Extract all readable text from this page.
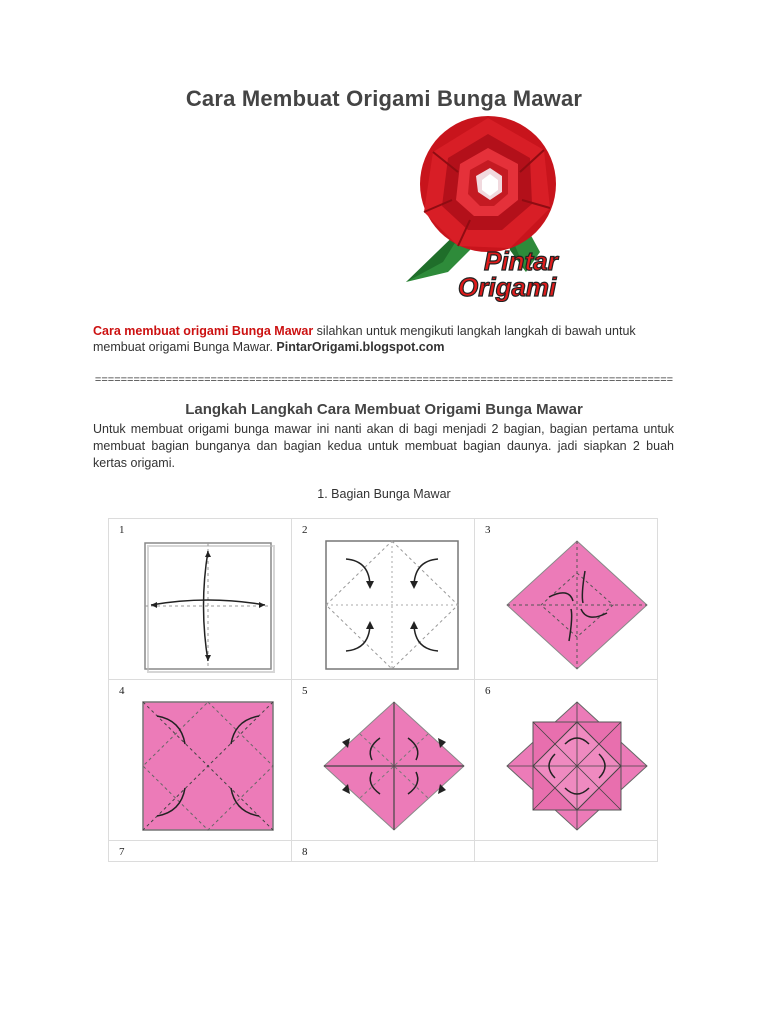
Cara Membuat Origami Bunga Mawar
Pintar
Origami
Cara membuat origami Bunga Mawar silahkan untuk mengikuti langkah langkah di bawah untuk membuat origami Bunga Mawar. PintarOrigami.blogspot.com
==========================================================================================
Langkah Langkah Cara Membuat Origami Bunga Mawar
Untuk membuat origami bunga mawar ini nanti akan di bagi menjadi 2 bagian, bagian pertama untuk membuat bagian bunganya dan bagian kedua untuk membuat bagian daunya. jadi siapkan 2 buah kertas origami.
1. Bagian Bunga Mawar
1	2	3

4	5	6

7	8	
